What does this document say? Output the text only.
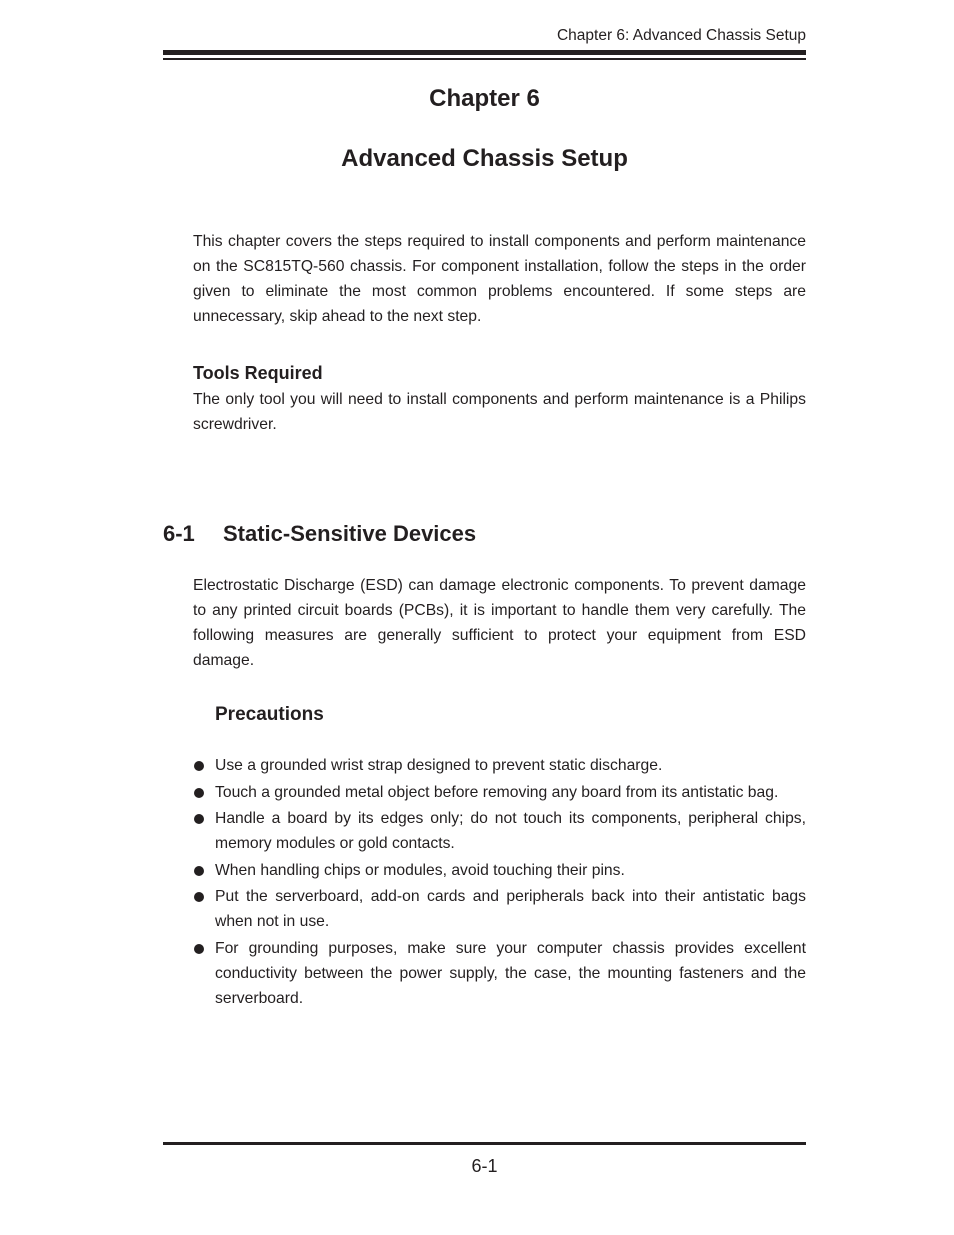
Chapter 6: Advanced Chassis Setup
Chapter 6
Advanced Chassis Setup

This chapter covers the steps required to install components and perform maintenance on the SC815TQ-560 chassis. For component installation, follow the steps in the order given to eliminate the most common problems encountered. If some steps are unnecessary, skip ahead to the next step.

Tools Required

The only tool you will need to install components and perform maintenance is a Philips screwdriver.

6-1 Static-Sensitive Devices

Electrostatic Discharge (ESD) can damage electronic components. To prevent damage to any printed circuit boards (PCBs), it is important to handle them very carefully. The following measures are generally sufficient to protect your equipment from ESD damage.

Precautions
Use a grounded wrist strap designed to prevent static discharge.
Touch a grounded metal object before removing any board from its antistatic bag.
Handle a board by its edges only; do not touch its components, peripheral chips, memory modules or gold contacts.
When handling chips or modules, avoid touching their pins.
Put the serverboard, add-on cards and peripherals back into their antistatic bags when not in use.
For grounding purposes, make sure your computer chassis provides excellent conductivity between the power supply, the case, the mounting fasteners and the serverboard.
6-1
